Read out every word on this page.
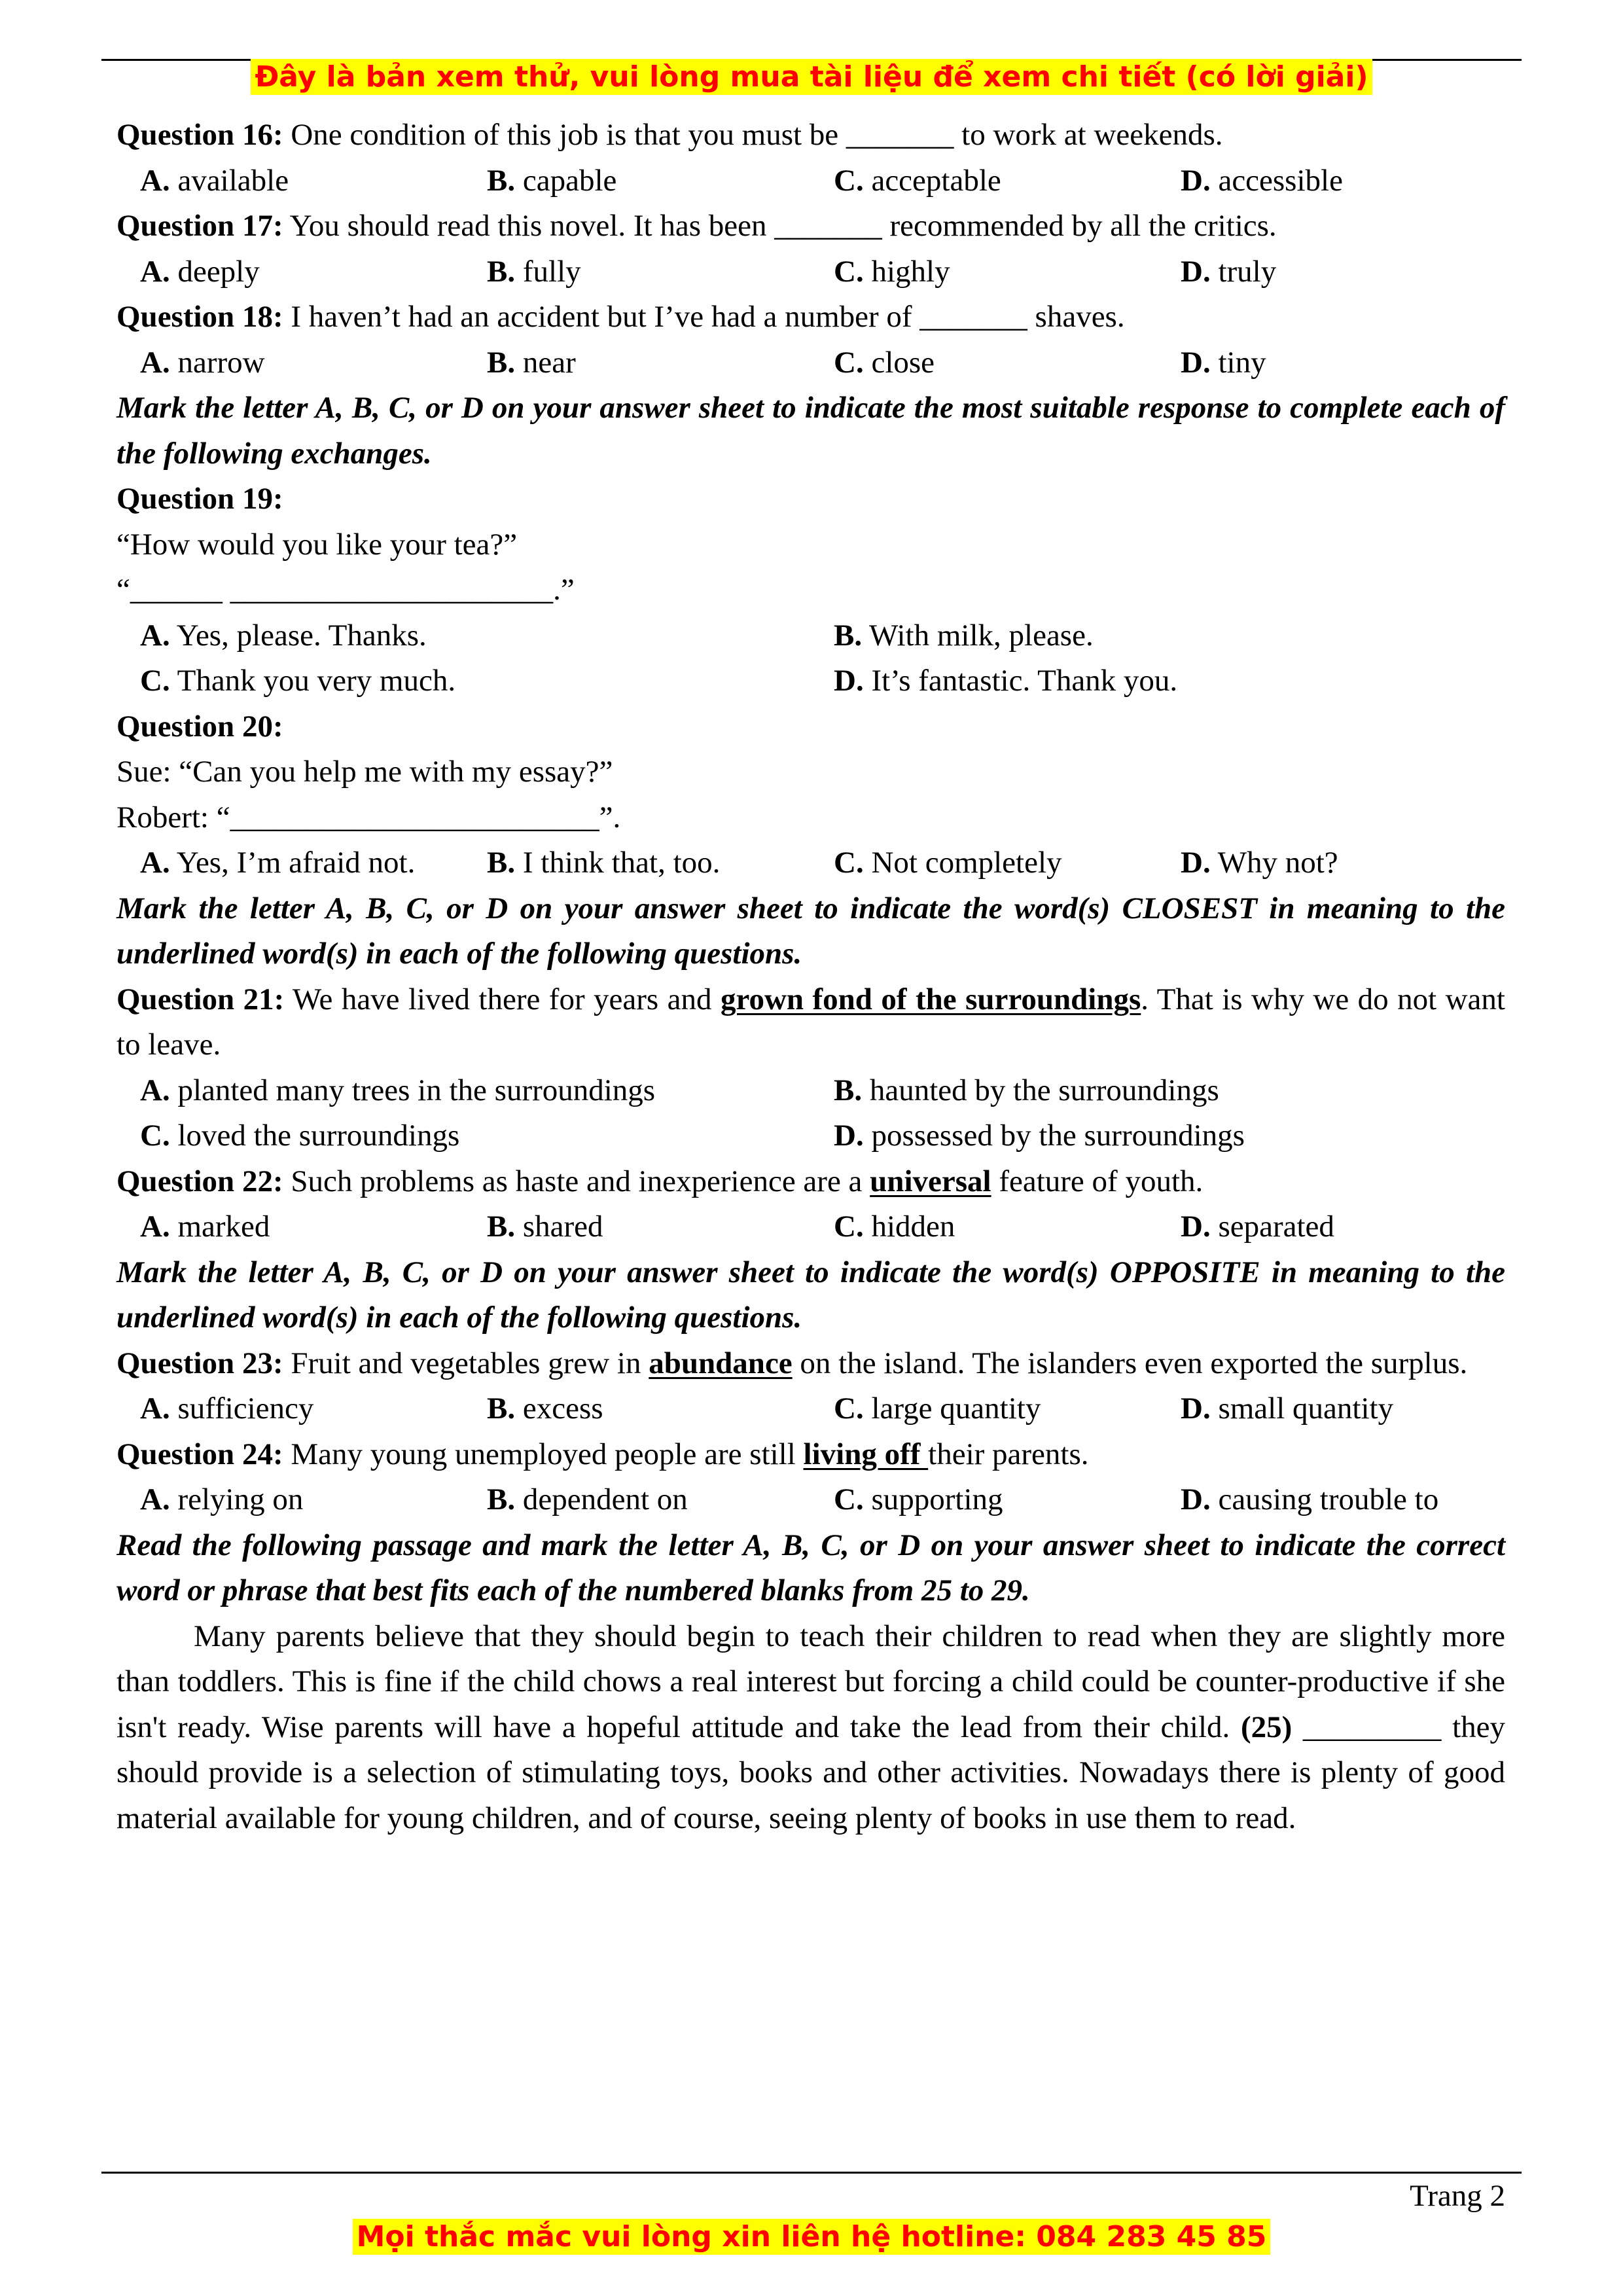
Đây là bản xem thử, vui lòng mua tài liệu để xem chi tiết (có lời giải)

Question 16: One condition of this job is that you must be _______ to work at weekends.

A. available	B. capable	C. acceptable	D. accessible

Question 17: You should read this novel. It has been _______ recommended by all the critics.

A. deeply	B. fully	C. highly	D. truly

Question 18: I haven’t had an accident but I’ve had a number of _______ shaves.

A. narrow	B. near	C. close	D. tiny

Mark the letter A, B, C, or D on your answer sheet to indicate the most suitable response to complete each of the following exchanges.

Question 19:

“How would you like your tea?”

“______ _____________________.”

A. Yes, please. Thanks.	B. With milk, please.
C. Thank you very much.	D. It’s fantastic. Thank you.

Question 20:

Sue: “Can you help me with my essay?”

Robert: “________________________”.

A. Yes, I’m afraid not.	B. I think that, too.	C. Not completely	D. Why not?

Mark the letter A, B, C, or D on your answer sheet to indicate the word(s) CLOSEST in meaning to the underlined word(s) in each of the following questions.

Question 21: We have lived there for years and grown fond of the surroundings. That is why we do not want to leave.

A. planted many trees in the surroundings	B. haunted by the surroundings
C. loved the surroundings	D. possessed by the surroundings

Question 22: Such problems as haste and inexperience are a universal feature of youth.

A. marked	B. shared	C. hidden	D. separated

Mark the letter A, B, C, or D on your answer sheet to indicate the word(s) OPPOSITE in meaning to the underlined word(s) in each of the following questions.

Question 23: Fruit and vegetables grew in abundance on the island. The islanders even exported the surplus.

A. sufficiency	B. excess	C. large quantity	D. small quantity

Question 24: Many young unemployed people are still living off their parents.

A. relying on	B. dependent on	C. supporting	D. causing trouble to

Read the following passage and mark the letter A, B, C, or D on your answer sheet to indicate the correct word or phrase that best fits each of the numbered blanks from 25 to 29.

Many parents believe that they should begin to teach their children to read when they are slightly more than toddlers. This is fine if the child chows a real interest but forcing a child could be counter-productive if she isn't ready. Wise parents will have a hopeful attitude and take the lead from their child. (25) _________ they should provide is a selection of stimulating toys, books and other activities. Nowadays there is plenty of good material available for young children, and of course, seeing plenty of books in use them to read.

Trang 2
Mọi thắc mắc vui lòng xin liên hệ hotline: 084 283 45 85
